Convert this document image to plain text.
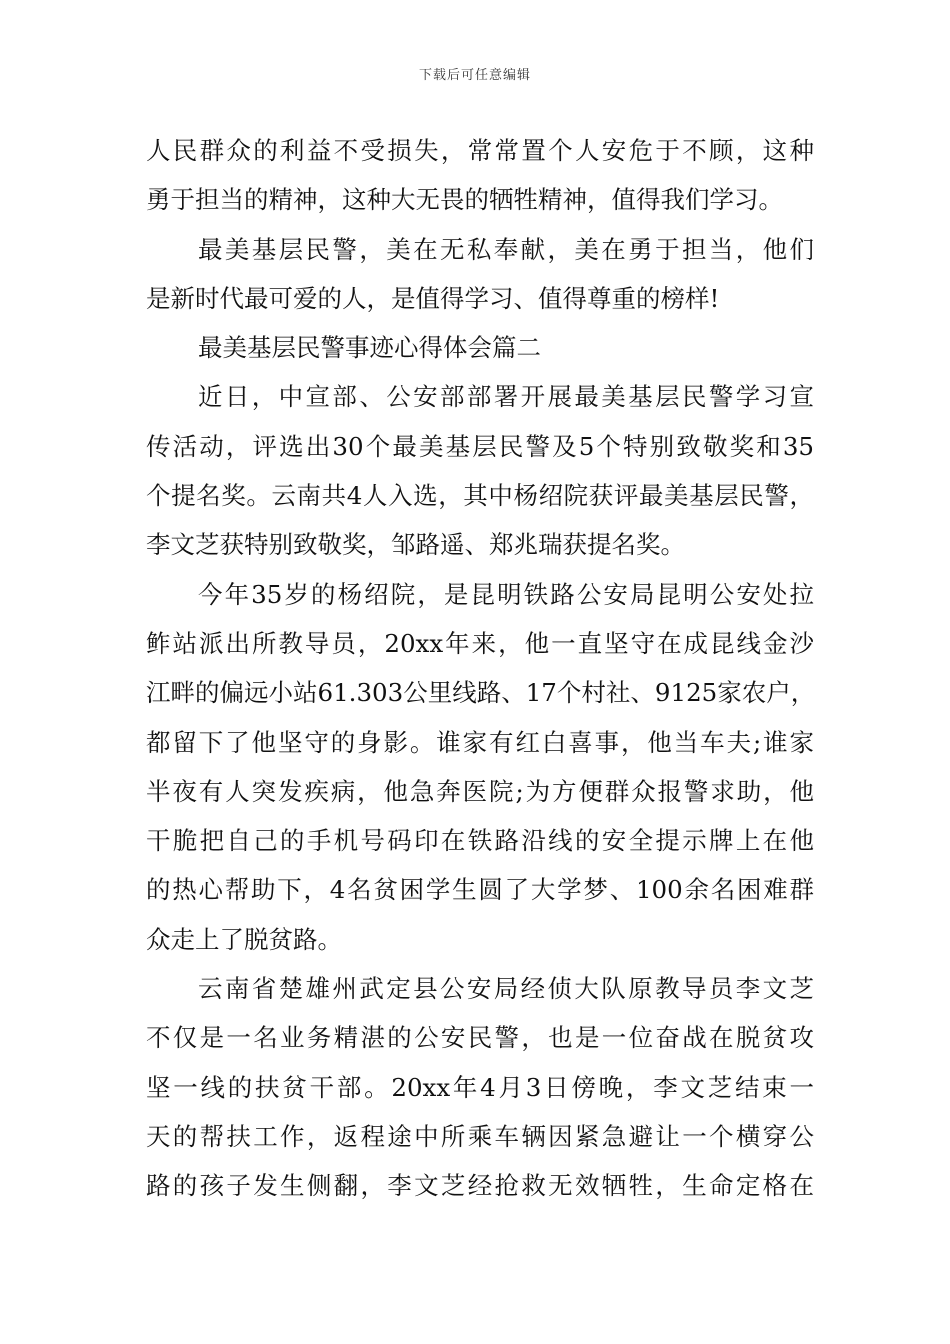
下载后可任意编辑
人民群众的利益不受损失，常常置个人安危于不顾，这种
勇于担当的精神，这种大无畏的牺牲精神，值得我们学习。
最美基层民警，美在无私奉献，美在勇于担当，他们
是新时代最可爱的人，是值得学习、值得尊重的榜样!
最美基层民警事迹心得体会篇二
近日，中宣部、公安部部署开展最美基层民警学习宣
传活动，评选出30个最美基层民警及5个特别致敬奖和35
个提名奖。云南共4人入选，其中杨绍院获评最美基层民警，
李文芝获特别致敬奖，邹路遥、郑兆瑞获提名奖。
今年35岁的杨绍院，是昆明铁路公安局昆明公安处拉
鲊站派出所教导员，20xx年来，他一直坚守在成昆线金沙
江畔的偏远小站61.303公里线路、17个村社、9125家农户，
都留下了他坚守的身影。谁家有红白喜事，他当车夫;谁家
半夜有人突发疾病，他急奔医院;为方便群众报警求助，他
干脆把自己的手机号码印在铁路沿线的安全提示牌上在他
的热心帮助下，4名贫困学生圆了大学梦、100余名困难群
众走上了脱贫路。
云南省楚雄州武定县公安局经侦大队原教导员李文芝
不仅是一名业务精湛的公安民警，也是一位奋战在脱贫攻
坚一线的扶贫干部。20xx年4月3日傍晚，李文芝结束一
天的帮扶工作，返程途中所乘车辆因紧急避让一个横穿公
路的孩子发生侧翻，李文芝经抢救无效牺牲，生命定格在
